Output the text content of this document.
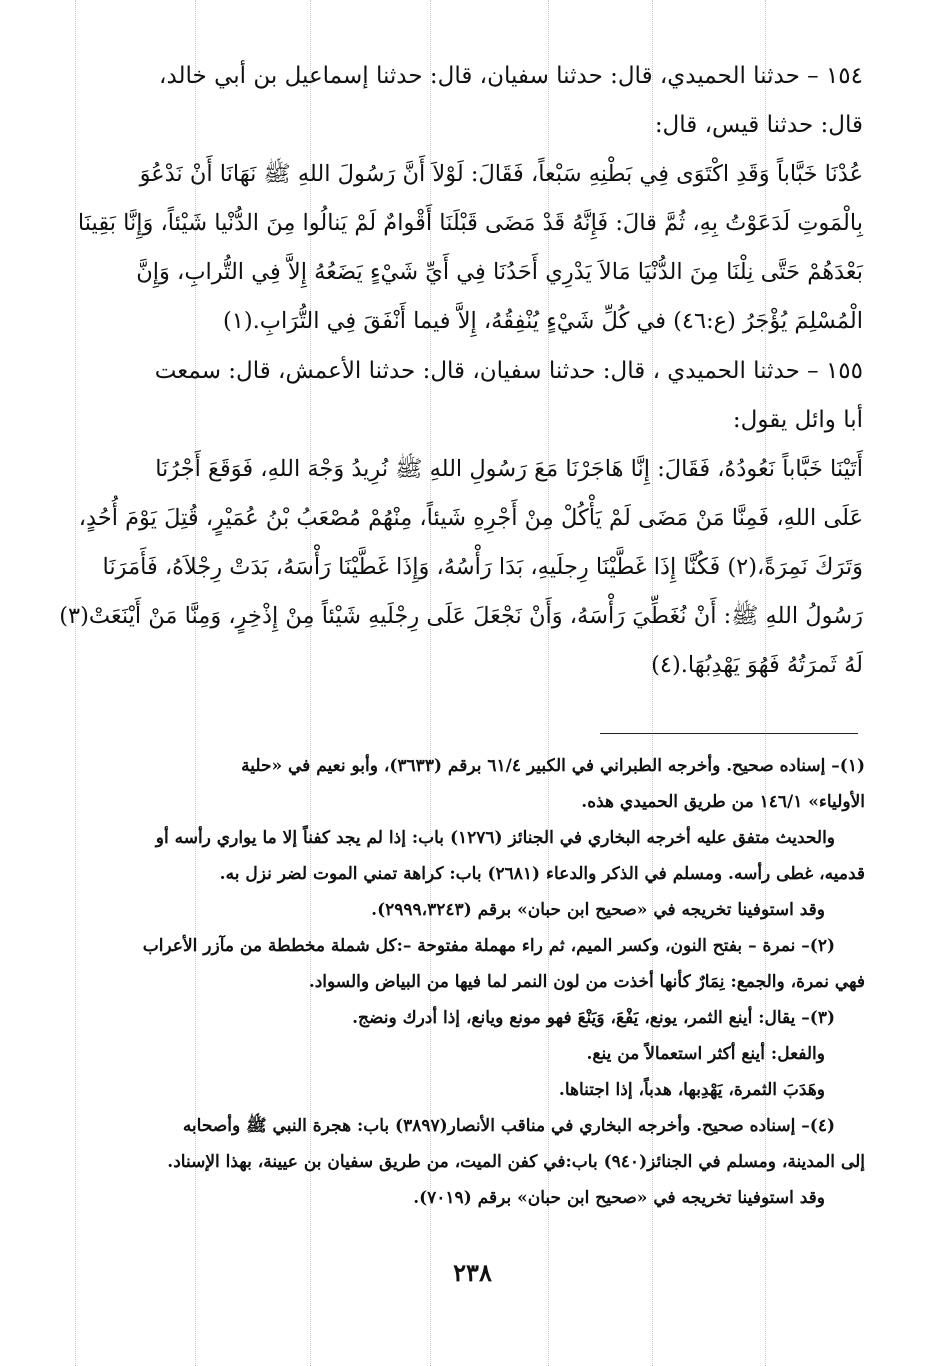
١٥٤ – حدثنا الحميدي، قال: حدثنا سفيان، قال: حدثنا إسماعيل بن أبي خالد،
قال: حدثنا قيس، قال:
عُدْنَا خَبَّاباً وَقَدِ اكْتَوَى فِي بَطْنِهِ سَبْعاً، فَقَالَ: لَوْلاَ أَنَّ رَسُولَ اللهِ ﷺ نَهَانَا أَنْ نَدْعُوَ
بِالْمَوتِ لَدَعَوْتُ بِهِ، ثُمَّ قالَ: فَإِنَّهُ قَدْ مَضَى قَبْلَنَا أَقْوامٌ لَمْ يَنالُوا مِنَ الدُّنْيا شَيْئاً، وَإِنَّا بَقِينَا
بَعْدَهُمْ حَتَّى نِلْنَا مِنَ الدُّنْيَا مَالاَ يَدْرِي أَحَدُنَا فِي أَيِّ شَيْءٍ يَضَعُهُ إِلاَّ فِي التُّرابِ، وَإِنَّ
الْمُسْلِمَ يُؤْجَرُ (ع:٤٦) في كُلِّ شَيْءٍ يُنْفِقُهُ، إِلاَّ فيما أَنْفَقَ فِي التُّرَابِ.(١)
١٥٥ – حدثنا الحميدي ، قال: حدثنا سفيان، قال: حدثنا الأعمش، قال: سمعت
أبا وائل يقول:
أَتَيْنَا خَبَّاباً نَعُودُهُ، فَقَالَ: إِنَّا هَاجَرْنَا مَعَ رَسُولِ اللهِ ﷺ نُرِيدُ وَجْهَ اللهِ، فَوَقَعَ أَجْرُنَا
عَلَى اللهِ، فَمِنَّا مَنْ مَضَى لَمْ يَأْكُلْ مِنْ أَجْرِهِ شَيئاً، مِنْهُمْ مُصْعَبُ بْنُ عُمَيْرٍ، قُتِلَ يَوْمَ أُحُدٍ،
وَتَرَكَ نَمِرَةً،(٢) فَكُنَّا إِذَا غَطَّيْنَا رِجلَيهِ، بَدَا رَأْسُهُ، وَإِذَا غَطَّيْنَا رَأْسَهُ، بَدَتْ رِجْلاَهُ، فَأَمَرَنَا
رَسُولُ اللهِ ﷺ: أَنْ نُغَطِّيَ رَأْسَهُ، وَأَنْ نَجْعَلَ عَلَى رِجْلَيهِ شَيْئاً مِنْ إِذْخِرٍ، وَمِنَّا مَنْ أَيْنَعَتْ(٣)
لَهُ ثَمرَتُهُ فَهُوَ يَهْدِبُهَا.(٤)
(١)– إسناده صحيح. وأخرجه الطبراني في الكبير ٦١/٤ برقم (٣٦٣٣)، وأبو نعيم في «حلية
الأولياء» ١٤٦/١ من طريق الحميدي هذه.
والحديث متفق عليه أخرجه البخاري في الجنائز (١٢٧٦) باب: إذا لم يجد كفناً إلا ما يواري رأسه أو
قدميه، غطى رأسه. ومسلم في الذكر والدعاء (٢٦٨١) باب: كراهة تمني الموت لضر نزل به.
وقد استوفينا تخريجه في «صحيح ابن حبان» برقم (٢٩٩٩،٣٢٤٣).
(٢)– نمرة – بفتح النون، وكسر الميم، ثم راء مهملة مفتوحة –:كل شملة مخططة من مآزر الأعراب
فهي نمرة، والجمع: نِمَارٌ كأنها أخذت من لون النمر لما فيها من البياض والسواد.
(٣)– يقال: أينع الثمر، يونع، يَفْعَ، وَيَنْعَ فهو مونع ويانع، إذا أدرك ونضج.
والفعل: أينع أكثر استعمالاً من ينع.
وهَدَبَ الثمرة، يَهْدِبها، هدباً، إذا اجتناها.
(٤)– إسناده صحيح. وأخرجه البخاري في مناقب الأنصار(٣٨٩٧) باب: هجرة النبي ﷺ وأصحابه
إلى المدينة، ومسلم في الجنائز(٩٤٠) باب:في كفن الميت، من طريق سفيان بن عيينة، بهذا الإسناد.
وقد استوفينا تخريجه في «صحيح ابن حبان» برقم (٧٠١٩).
٢٣٨
